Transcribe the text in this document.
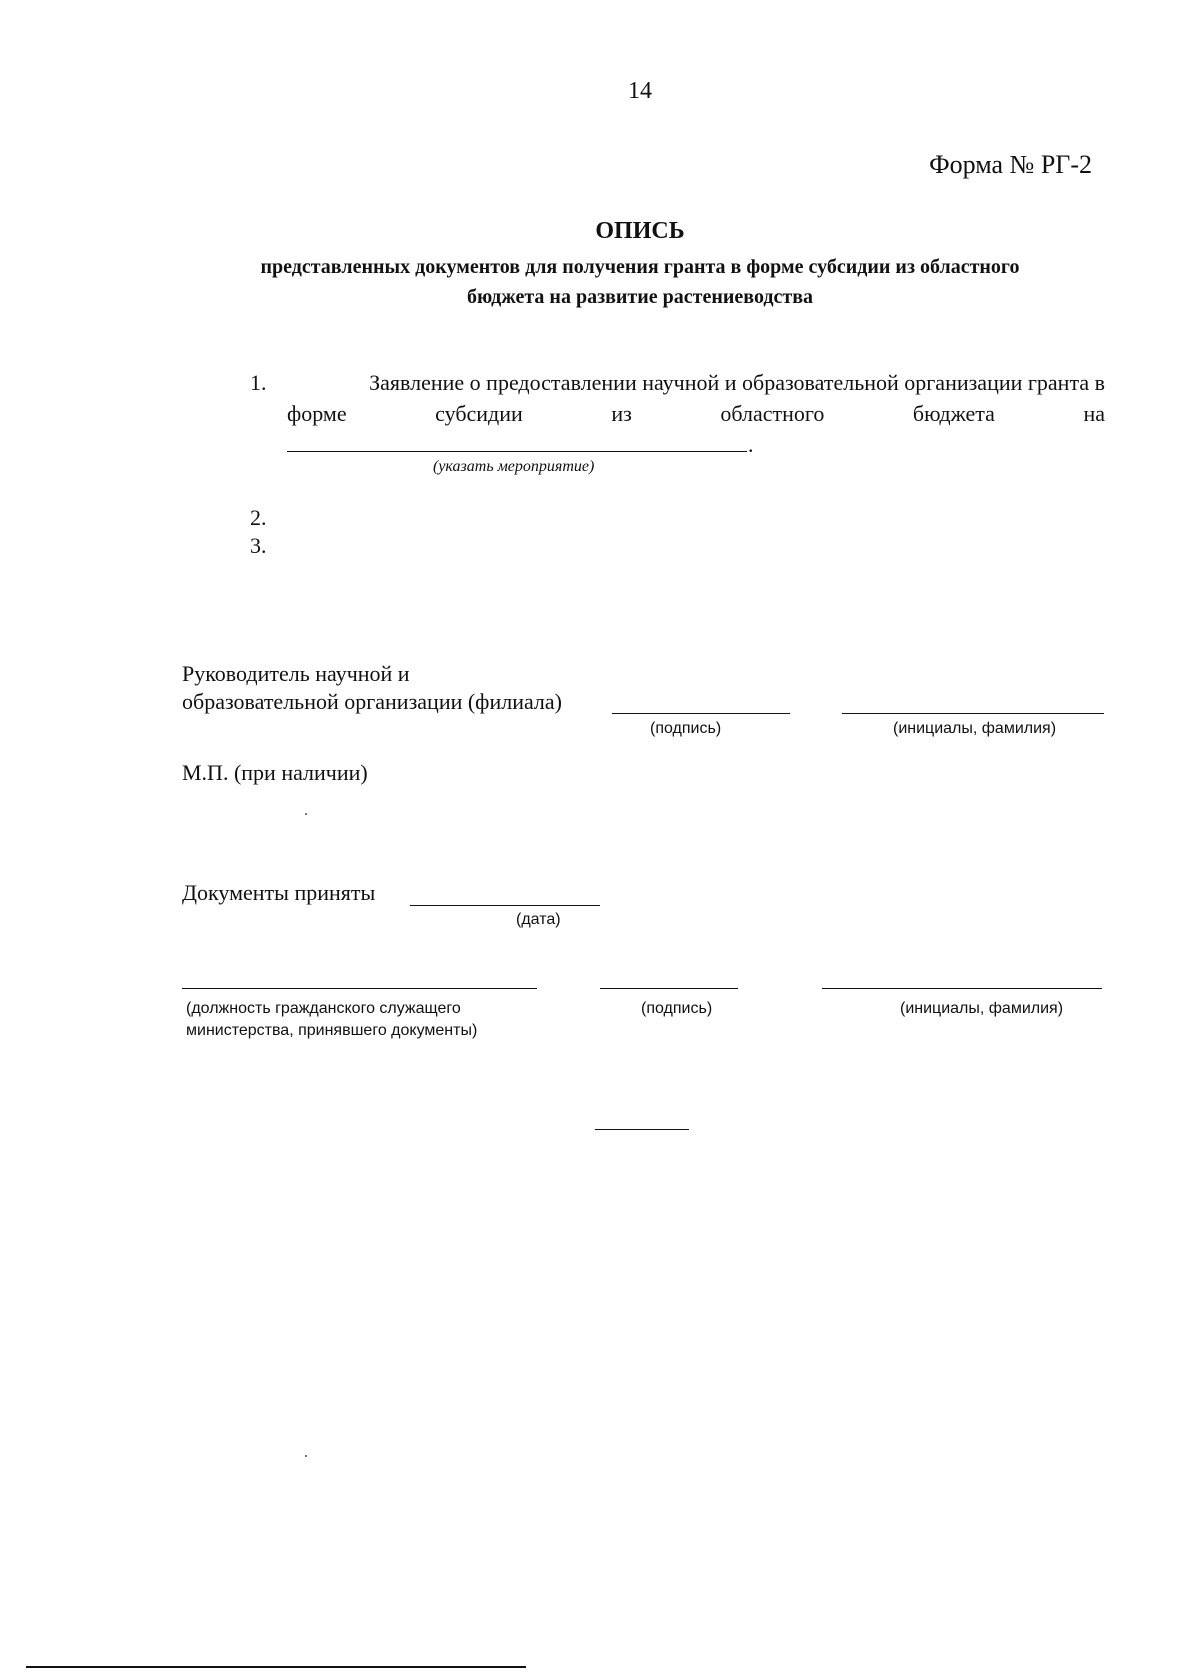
14
Форма № РГ-2
ОПИСЬ
представленных документов для получения гранта в форме субсидии из областного
бюджета на развитие растениеводства
1.	Заявление о предоставлении научной и образовательной организации гранта в
форме	субсидии	из	областного	бюджета	на
.
(указать мероприятие)
2.
3.
Руководитель научной и
образовательной организации (филиала)
(подпись)	(инициалы, фамилия)
М.П. (при наличии)
Документы приняты
(дата)
(должность гражданского служащего
министерства, принявшего документы)
(подпись)	(инициалы, фамилия)
